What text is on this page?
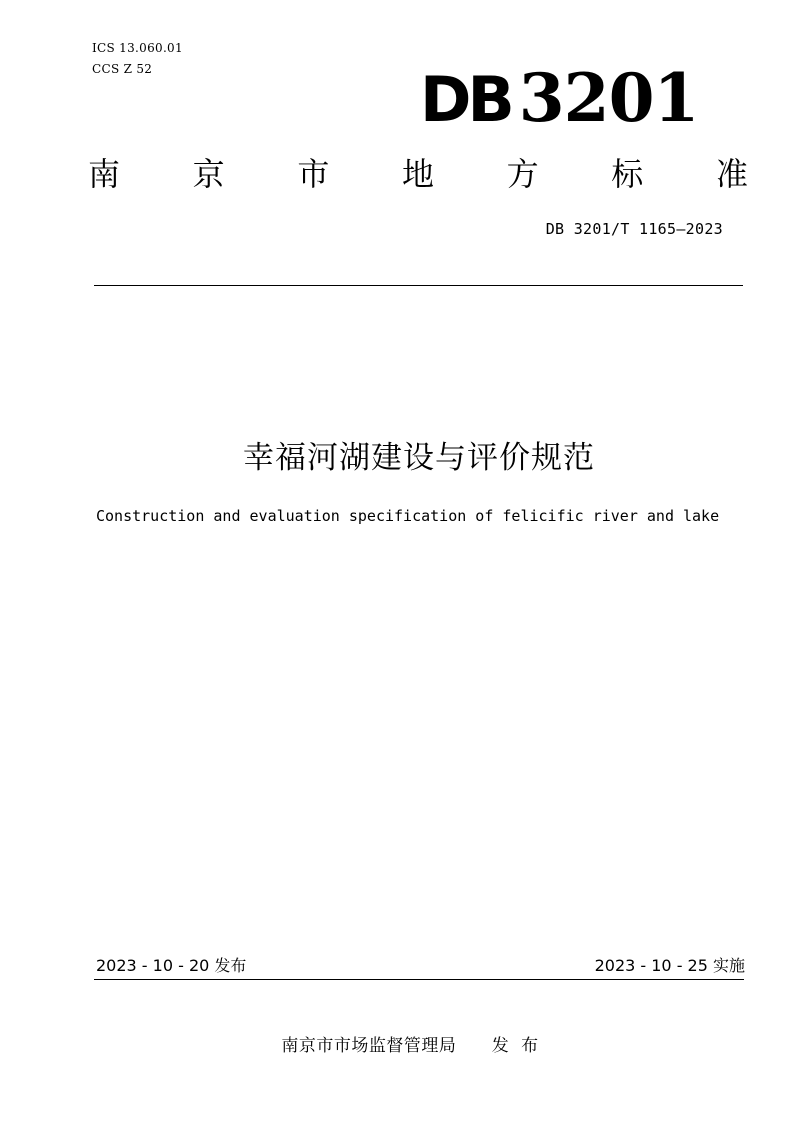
ICS 13.060.01
CCS Z 52	DB 3201
南 京 市 地 方 标 准
DB 3201/T 1165—2023
幸福河湖建设与评价规范
Construction and evaluation specification of felicific river and lake
2023 - 10 - 20 发布	2023 - 10 - 25 实施
南京市市场监督管理局      发  布
